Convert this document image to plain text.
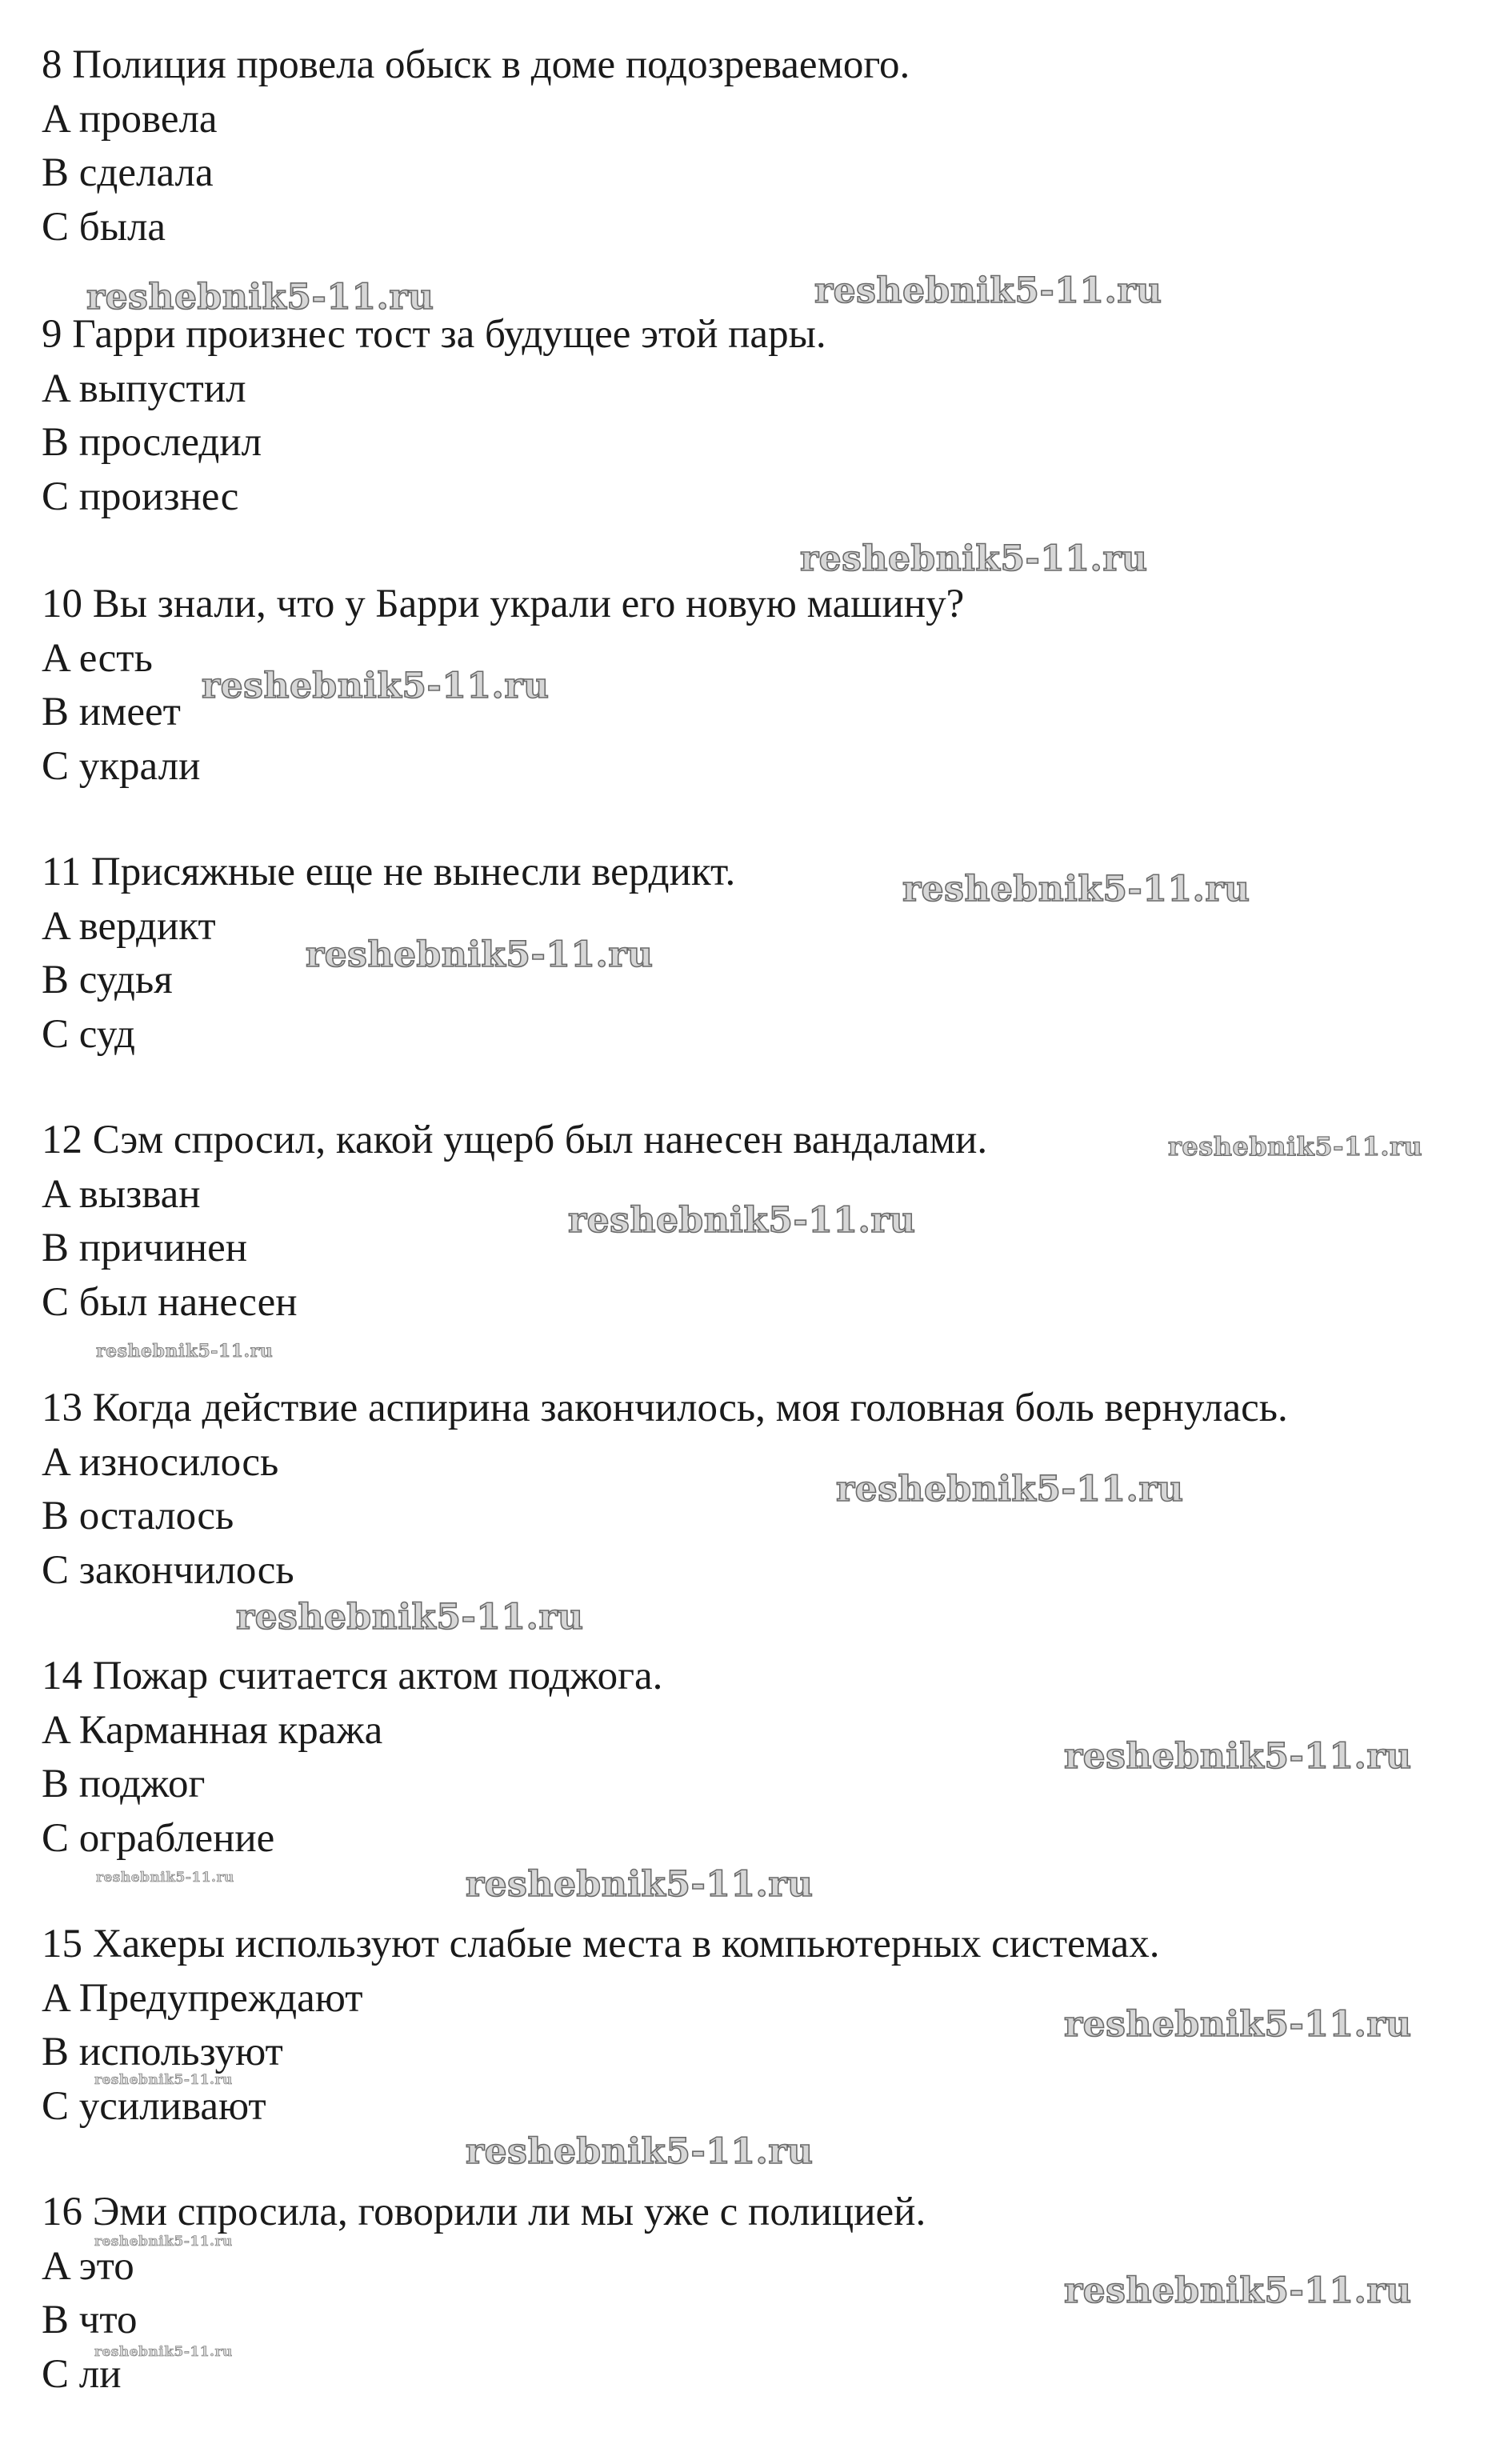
8 Полиция провела обыск в доме подозреваемого.
A провела
B сделала
C была
9 Гарри произнес тост за будущее этой пары.
A выпустил
B проследил
C произнес
10 Вы знали, что у Барри украли его новую машину?
A есть
B имеет
C украли
11 Присяжные еще не вынесли вердикт.
A вердикт
B судья
C суд
12 Сэм спросил, какой ущерб был нанесен вандалами.
A вызван
B причинен
C был нанесен
13 Когда действие аспирина закончилось, моя головная боль вернулась.
A износилось
B осталось
C закончилось
14 Пожар считается актом поджога.
A Карманная кража
B поджог
C ограбление
15 Хакеры используют слабые места в компьютерных системах.
A Предупреждают
B используют
C усиливают
16 Эми спросила, говорили ли мы уже с полицией.
A это
B что
C ли
reshebnik5-11.ru	reshebnik5-11.ru
reshebnik5-11.ru
reshebnik5-11.ru
reshebnik5-11.ru
reshebnik5-11.ru
reshebnik5-11.ru
reshebnik5-11.ru
reshebnik5-11.ru
reshebnik5-11.ru
reshebnik5-11.ru
reshebnik5-11.ru
reshebnik5-11.ru	reshebnik5-11.ru
reshebnik5-11.ru
reshebnik5-11.ru
reshebnik5-11.ru
reshebnik5-11.ru
reshebnik5-11.ru
reshebnik5-11.ru
